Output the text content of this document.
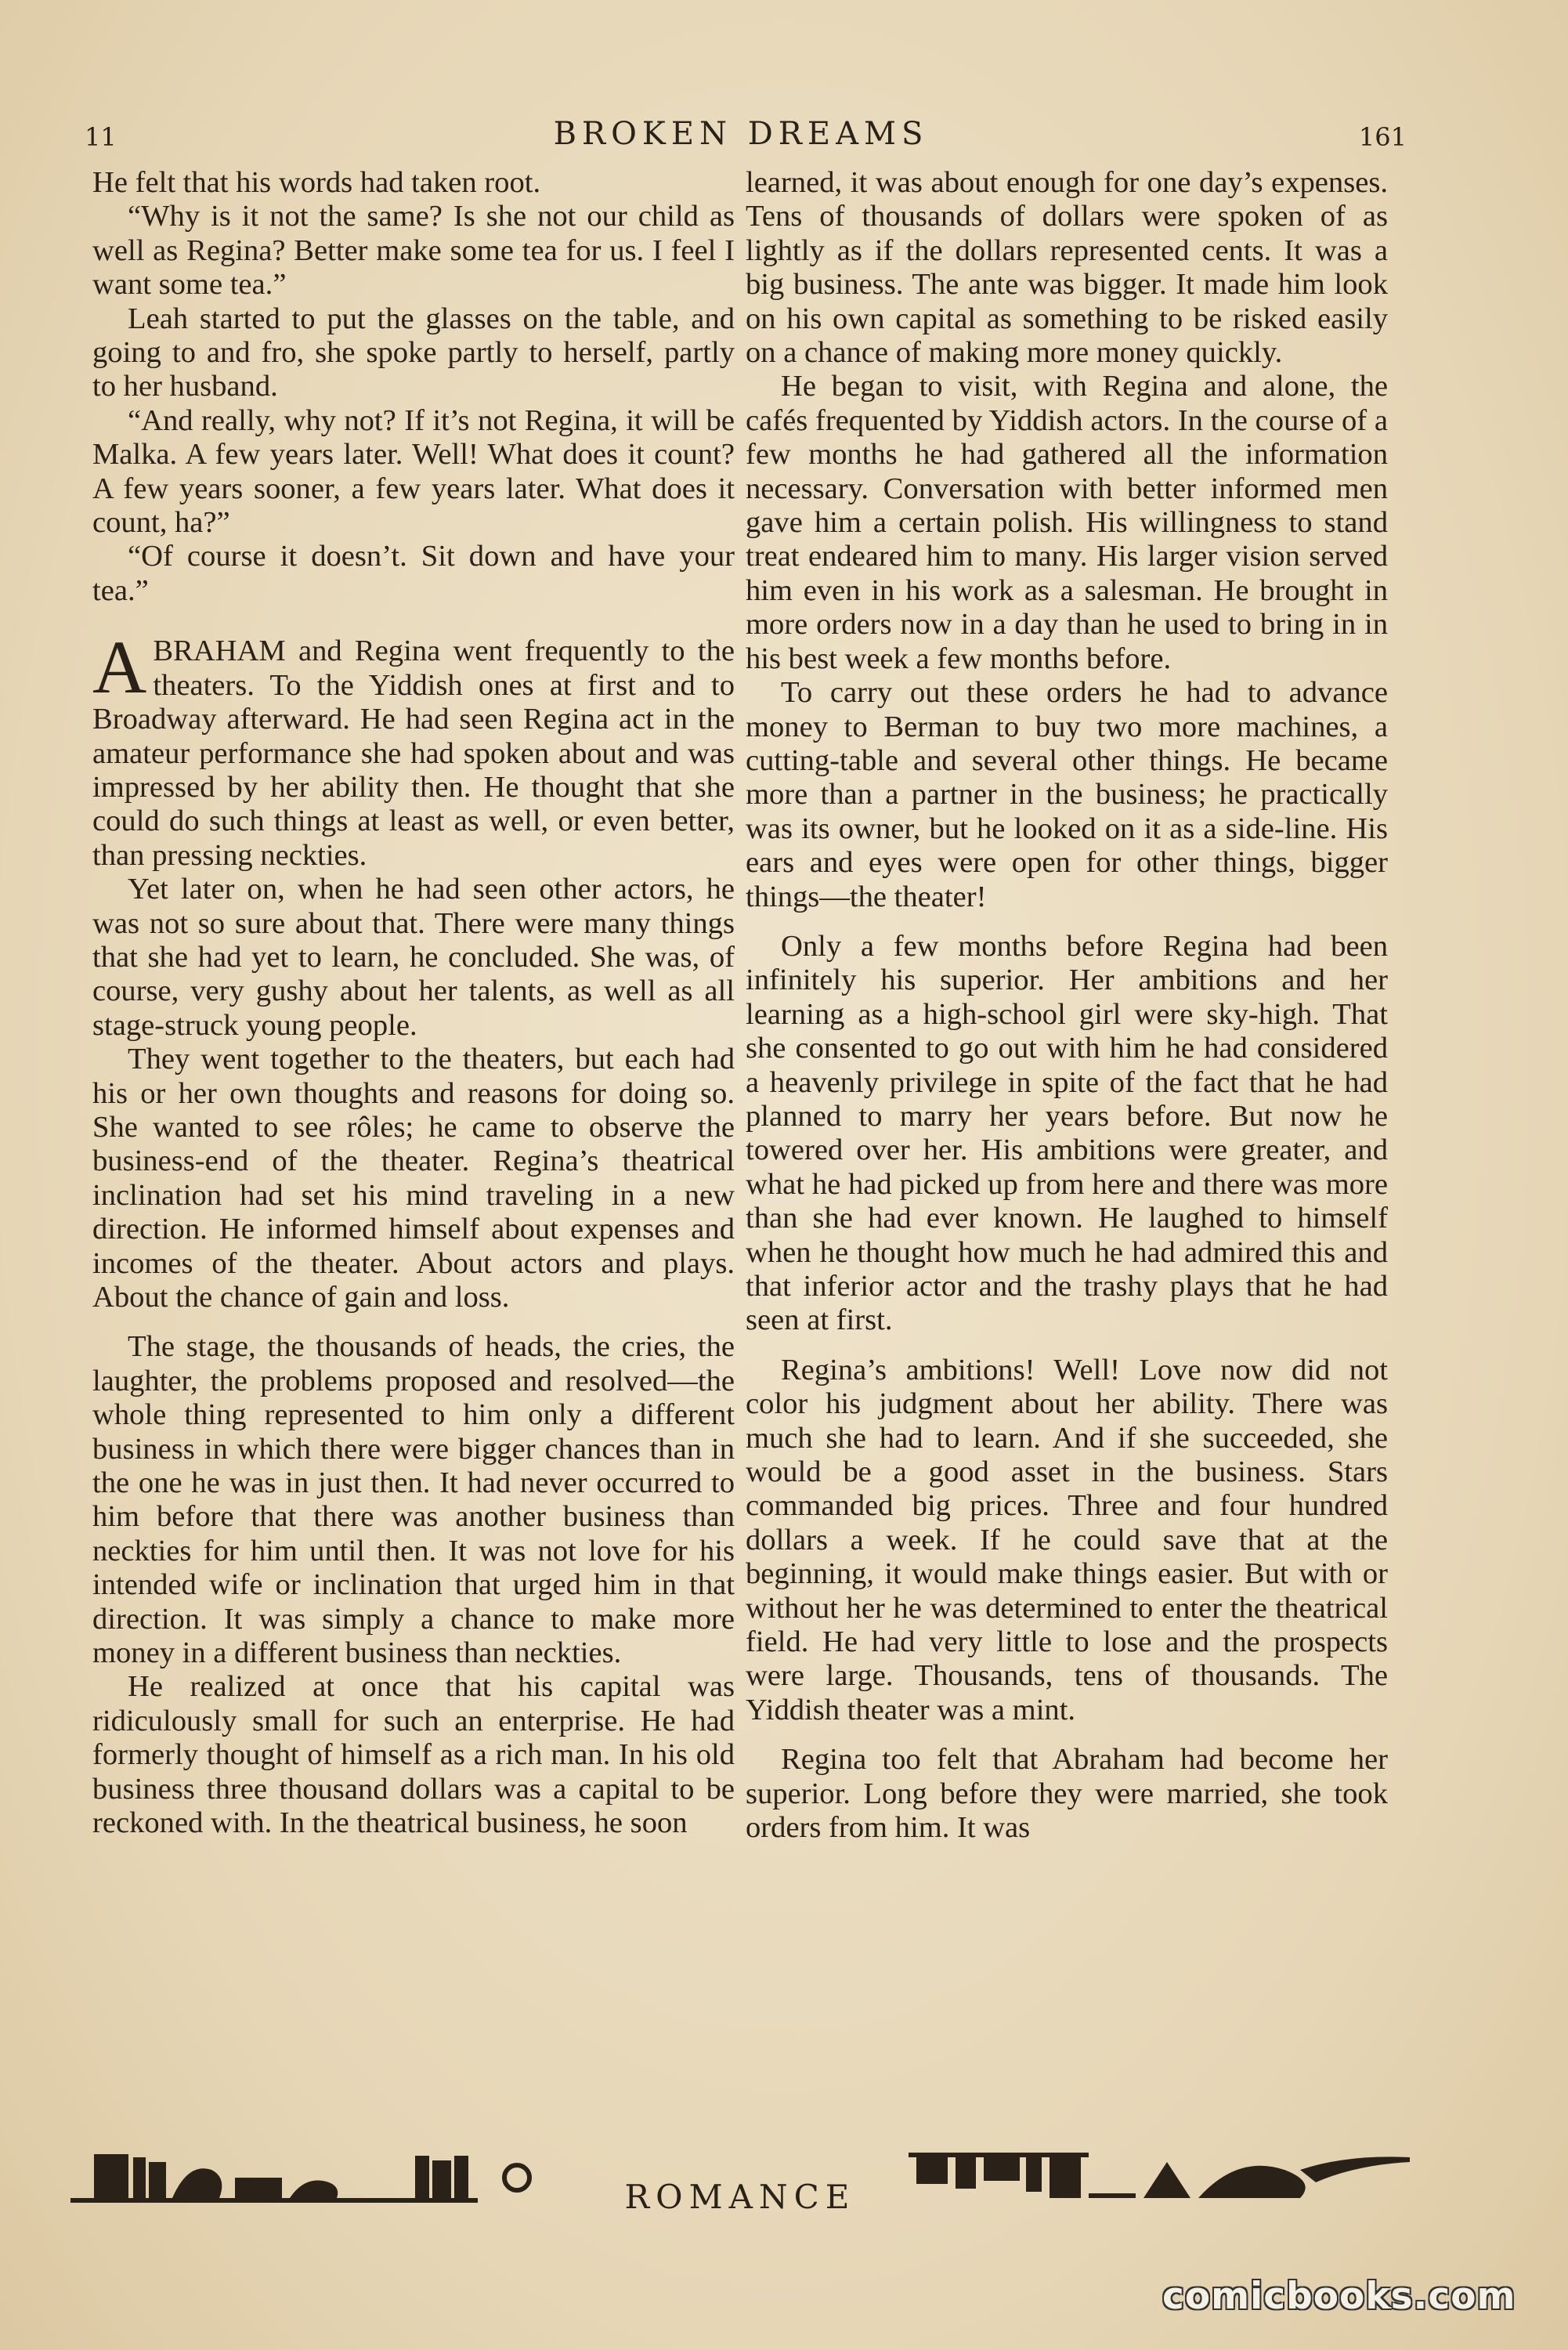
11	BROKEN DREAMS	161

He felt that his words had taken root.

“Why is it not the same? Is she not our child as well as Regina? Better make some tea for us. I feel I want some tea.”

Leah started to put the glasses on the table, and going to and fro, she spoke partly to herself, partly to her husband.

“And really, why not? If it’s not Regina, it will be Malka. A few years later. Well! What does it count? A few years sooner, a few years later. What does it count, ha?”

“Of course it doesn’t. Sit down and have your tea.”

ABRAHAM and Regina went frequently to the theaters. To the Yiddish ones at first and to Broadway afterward. He had seen Regina act in the amateur performance she had spoken about and was impressed by her ability then. He thought that she could do such things at least as well, or even better, than pressing neckties.

Yet later on, when he had seen other actors, he was not so sure about that. There were many things that she had yet to learn, he concluded. She was, of course, very gushy about her talents, as well as all stage-struck young people.

They went together to the theaters, but each had his or her own thoughts and reasons for doing so. She wanted to see rôles; he came to observe the business-end of the theater. Regina’s theatrical inclination had set his mind traveling in a new direction. He informed himself about expenses and incomes of the theater. About actors and plays. About the chance of gain and loss.

The stage, the thousands of heads, the cries, the laughter, the problems proposed and resolved—the whole thing represented to him only a different business in which there were bigger chances than in the one he was in just then. It had never occurred to him before that there was another business than neckties for him until then. It was not love for his intended wife or inclination that urged him in that direction. It was simply a chance to make more money in a different business than neckties.

He realized at once that his capital was ridiculously small for such an enterprise. He had formerly thought of himself as a rich man. In his old business three thousand dollars was a capital to be reckoned with. In the theatrical business, he soon

learned, it was about enough for one day’s expenses. Tens of thousands of dollars were spoken of as lightly as if the dollars represented cents. It was a big business. The ante was bigger. It made him look on his own capital as something to be risked easily on a chance of making more money quickly.

He began to visit, with Regina and alone, the cafés frequented by Yiddish actors. In the course of a few months he had gathered all the information necessary. Conversation with better informed men gave him a certain polish. His willingness to stand treat endeared him to many. His larger vision served him even in his work as a salesman. He brought in more orders now in a day than he used to bring in in his best week a few months before.

To carry out these orders he had to advance money to Berman to buy two more machines, a cutting-table and several other things. He became more than a partner in the business; he practically was its owner, but he looked on it as a side-line. His ears and eyes were open for other things, bigger things—the theater!

Only a few months before Regina had been infinitely his superior. Her ambitions and her learning as a high-school girl were sky-high. That she consented to go out with him he had considered a heavenly privilege in spite of the fact that he had planned to marry her years before. But now he towered over her. His ambitions were greater, and what he had picked up from here and there was more than she had ever known. He laughed to himself when he thought how much he had admired this and that inferior actor and the trashy plays that he had seen at first.

Regina’s ambitions! Well! Love now did not color his judgment about her ability. There was much she had to learn. And if she succeeded, she would be a good asset in the business. Stars commanded big prices. Three and four hundred dollars a week. If he could save that at the beginning, it would make things easier. But with or without her he was determined to enter the theatrical field. He had very little to lose and the prospects were large. Thousands, tens of thousands. The Yiddish theater was a mint.

Regina too felt that Abraham had become her superior. Long before they were married, she took orders from him. It was

ROMANCE
comicbooks.com
